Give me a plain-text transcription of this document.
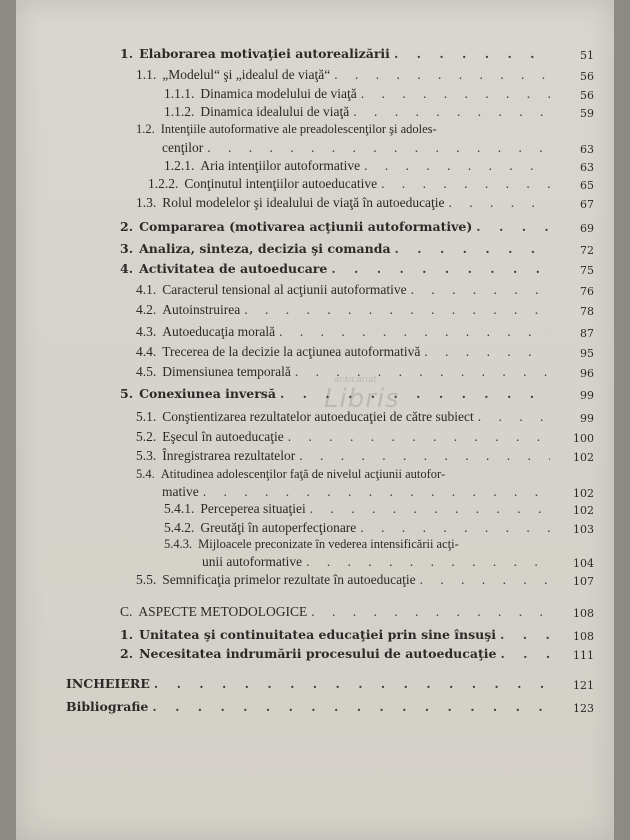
anticariat
Libris
1. Elaborarea motivaţiei autorealizării . . .	51
1.1. „Modelul“ şi „idealul de viaţă“ . . .	56
1.1.1. Dinamica modelului de viaţă . . .	56
1.1.2. Dinamica idealului de viaţă . . .	59
1.2. Intenţiile autoformative ale preadolescenţilor şi adoles-
cenţilor . . .	63
1.2.1. Aria intenţiilor autoformative . . .	63
1.2.2. Conţinutul intenţiilor autoeducative . . .	65
1.3. Rolul modelelor şi idealului de viaţă în autoeducaţie . . .	67
2. Compararea (motivarea acţiunii autoformative) . . .	69
3. Analiza, sinteza, decizia şi comanda . . .	72
4. Activitatea de autoeducare . . .	75
4.1. Caracterul tensional al acţiunii autoformative . . .	76
4.2. Autoinstruirea . . .	78
4.3. Autoeducaţia morală . . .	87
4.4. Trecerea de la decizie la acţiunea autoformativă . . .	95
4.5. Dimensiunea temporală . . .	96
5. Conexiunea inversă . . .	99
5.1. Conştientizarea rezultatelor autoeducaţiei de către subiect . . .	99
5.2. Eşecul în autoeducaţie . . .	100
5.3. Înregistrarea rezultatelor . . .	102
5.4. Atitudinea adolescenţilor faţă de nivelul acţiunii autofor-
mative . . .	102
5.4.1. Perceperea situaţiei . . .	102
5.4.2. Greutăţi în autoperfecţionare . . .	103
5.4.3. Mijloacele preconizate în vederea intensificării acţi-
unii autoformative . . .	104
5.5. Semnificaţia primelor rezultate în autoeducaţie . . .	107
C. ASPECTE METODOLOGICE . . .	108
1. Unitatea şi continuitatea educaţiei prin sine însuşi . . .	108
2. Necesitatea indrumării procesului de autoeducaţie . . .	111
INCHEIERE . . .	121
Bibliografie . . .	123
